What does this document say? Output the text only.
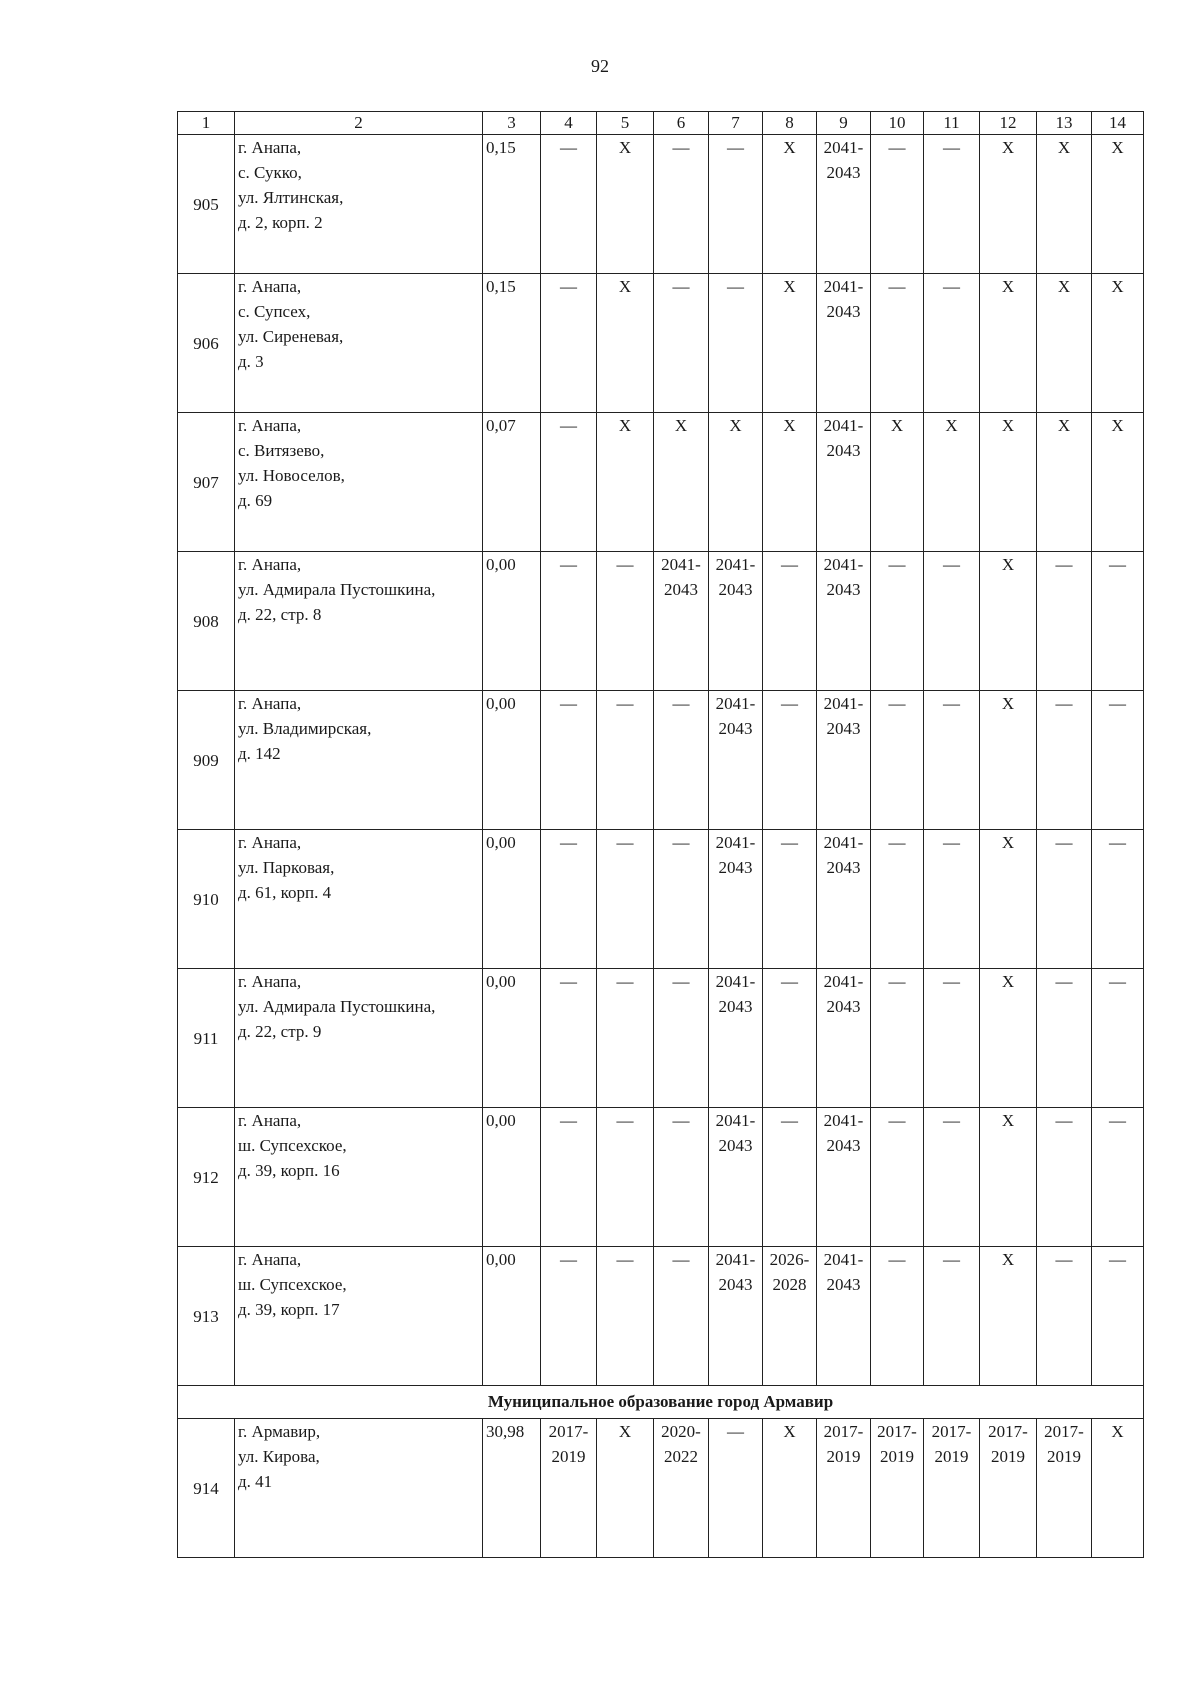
92
1	2	3	4	5	6	7	8	9	10	11	12	13	14
905	г. Анапа,
с. Сукко,
ул. Ялтинская,
д. 2, корп. 2	0,15	—	X	—	—	X	2041-
2043	—	—	X	X	X
906	г. Анапа,
с. Супсех,
ул. Сиреневая,
д. 3	0,15	—	X	—	—	X	2041-
2043	—	—	X	X	X
907	г. Анапа,
с. Витязево,
ул. Новоселов,
д. 69	0,07	—	X	X	X	X	2041-
2043	X	X	X	X	X
908	г. Анапа,
ул. Адмирала Пустошкина,
д. 22, стр. 8	0,00	—	—	2041-
2043	2041-
2043	—	2041-
2043	—	—	X	—	—
909	г. Анапа,
ул. Владимирская,
д. 142	0,00	—	—	—	2041-
2043	—	2041-
2043	—	—	X	—	—
910	г. Анапа,
ул. Парковая,
д. 61, корп. 4	0,00	—	—	—	2041-
2043	—	2041-
2043	—	—	X	—	—
911	г. Анапа,
ул. Адмирала Пустошкина,
д. 22, стр. 9	0,00	—	—	—	2041-
2043	—	2041-
2043	—	—	X	—	—
912	г. Анапа,
ш. Супсехское,
д. 39, корп. 16	0,00	—	—	—	2041-
2043	—	2041-
2043	—	—	X	—	—
913	г. Анапа,
ш. Супсехское,
д. 39, корп. 17	0,00	—	—	—	2041-
2043	2026-
2028	2041-
2043	—	—	X	—	—
Муниципальное образование город Армавир													
914	г. Армавир,
ул. Кирова,
д. 41	30,98	2017-
2019	X	2020-
2022	—	X	2017-
2019	2017-
2019	2017-
2019	2017-
2019	2017-
2019	X
